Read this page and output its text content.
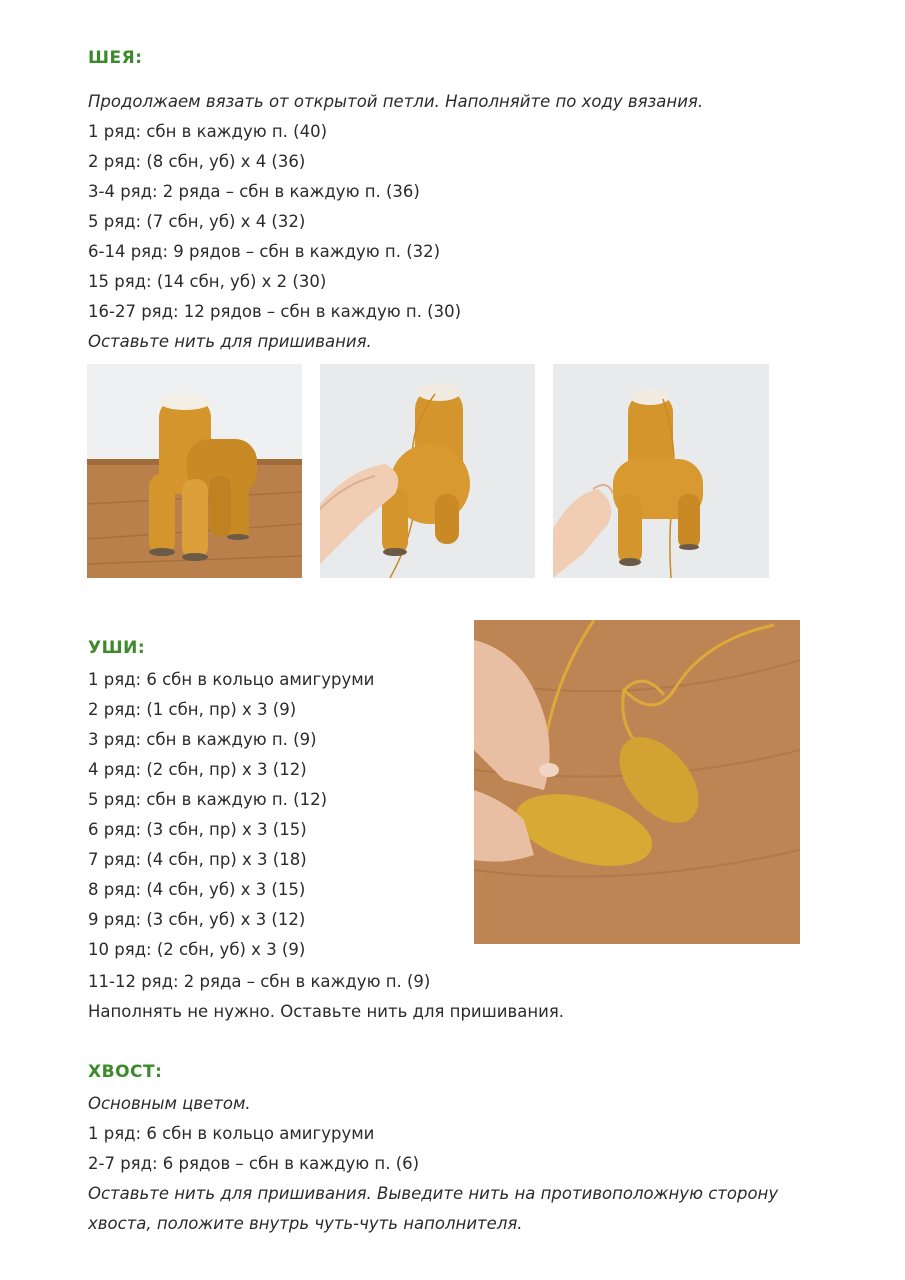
ШЕЯ:
Продолжаем вязать от открытой петли. Наполняйте по ходу вязания.
1 ряд: сбн в каждую п. (40)
2 ряд: (8 сбн, уб) х 4 (36)
3-4 ряд: 2 ряда – сбн в каждую п. (36)
5 ряд: (7 сбн, уб) х 4 (32)
6-14 ряд: 9 рядов – сбн в каждую п. (32)
15 ряд: (14 сбн, уб) х 2 (30)
16-27 ряд: 12 рядов – сбн в каждую п. (30)
Оставьте нить для пришивания.
УШИ:
1 ряд: 6 сбн в кольцо амигуруми
2 ряд: (1 сбн, пр) х 3 (9)
3 ряд: сбн в каждую п. (9)
4 ряд: (2 сбн, пр) х 3 (12)
5 ряд: сбн в каждую п. (12)
6 ряд: (3 сбн, пр) х 3 (15)
7 ряд: (4 сбн, пр) х 3 (18)
8 ряд: (4 сбн, уб) х 3 (15)
9 ряд: (3 сбн, уб) х 3 (12)
10 ряд: (2 сбн, уб) х 3 (9)
11-12 ряд: 2 ряда – сбн в каждую п. (9)
Наполнять не нужно. Оставьте нить для пришивания.
ХВОСТ:
Основным цветом.
1 ряд: 6 сбн в кольцо амигуруми
2-7 ряд: 6 рядов – сбн в каждую п. (6)
Оставьте нить для пришивания. Выведите нить на противоположную сторону
хвоста, положите внутрь чуть-чуть наполнителя.
